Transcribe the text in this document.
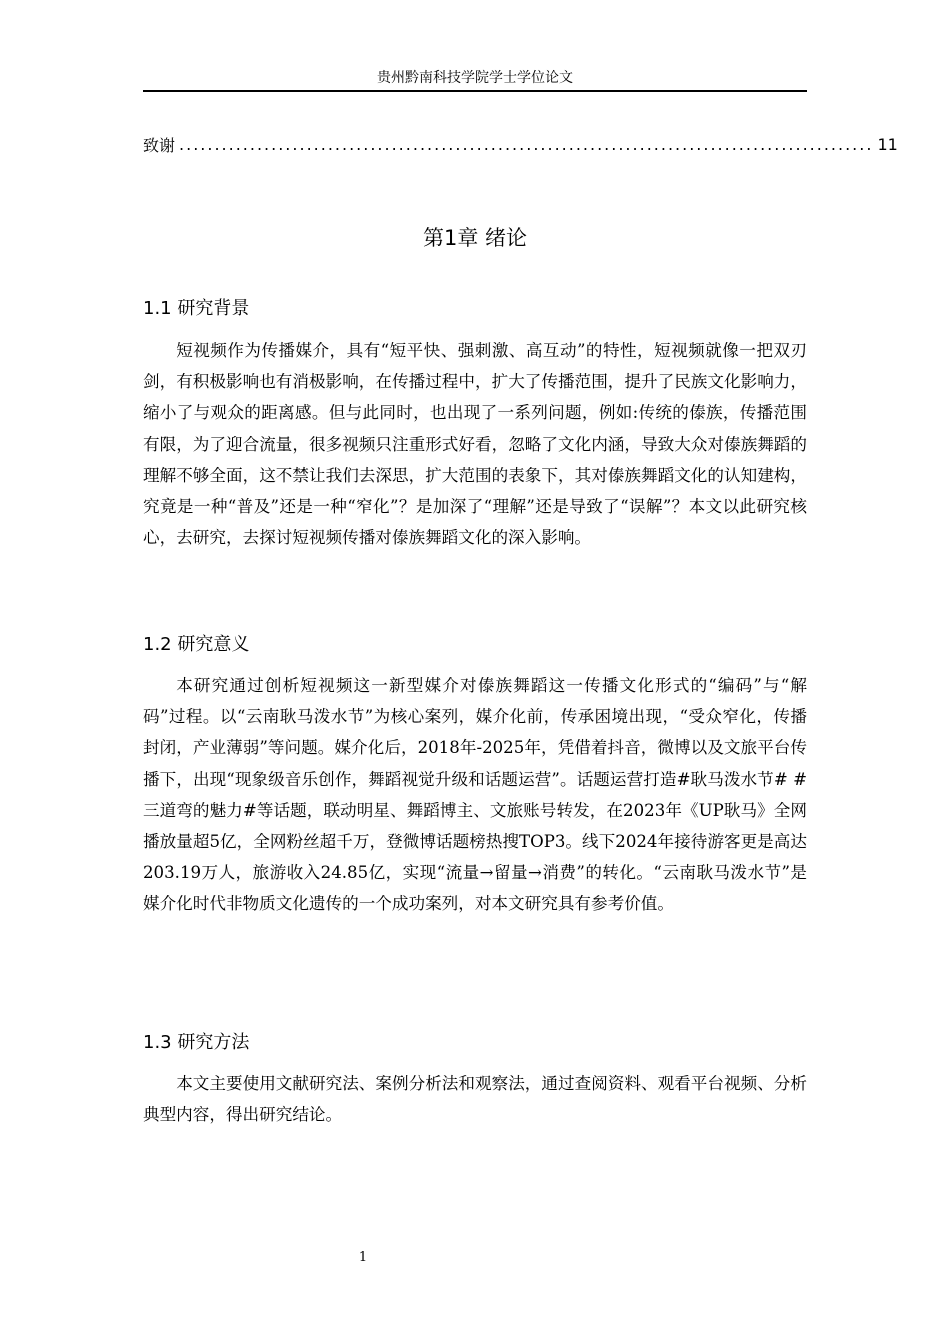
贵州黔南科技学院学士学位论文
致谢 .................................................................................................. 11
第1章 绪论
1.1 研究背景

短视频作为传播媒介，具有“短平快、强刺激、高互动”的特性，短视频就像一把双刃剑，有积极影响也有消极影响，在传播过程中，扩大了传播范围，提升了民族文化影响力，缩小了与观众的距离感。但与此同时，也出现了一系列问题，例如:传统的傣族，传播范围有限，为了迎合流量，很多视频只注重形式好看，忽略了文化内涵，导致大众对傣族舞蹈的理解不够全面，这不禁让我们去深思，扩大范围的表象下，其对傣族舞蹈文化的认知建构，究竟是一种“普及”还是一种“窄化”？是加深了“理解”还是导致了“误解”？本文以此研究核心，去研究，去探讨短视频传播对傣族舞蹈文化的深入影响。

1.2 研究意义

本研究通过创析短视频这一新型媒介对傣族舞蹈这一传播文化形式的“编码”与“解码”过程。以“云南耿马泼水节”为核心案列，媒介化前，传承困境出现，“受众窄化，传播封闭，产业薄弱”等问题。媒介化后，2018年-2025年，凭借着抖音，微博以及文旅平台传播下，出现“现象级音乐创作，舞蹈视觉升级和话题运营”。话题运营打造#耿马泼水节# #三道弯的魅力#等话题，联动明星、舞蹈博主、文旅账号转发，在2023年《UP耿马》全网播放量超5亿，全网粉丝超千万，登微博话题榜热搜TOP3。线下2024年接待游客更是高达203.19万人，旅游收入24.85亿，实现“流量→留量→消费”的转化。“云南耿马泼水节”是媒介化时代非物质文化遗传的一个成功案列，对本文研究具有参考价值。

1.3 研究方法

本文主要使用文献研究法、案例分析法和观察法，通过查阅资料、观看平台视频、分析典型内容，得出研究结论。

1
